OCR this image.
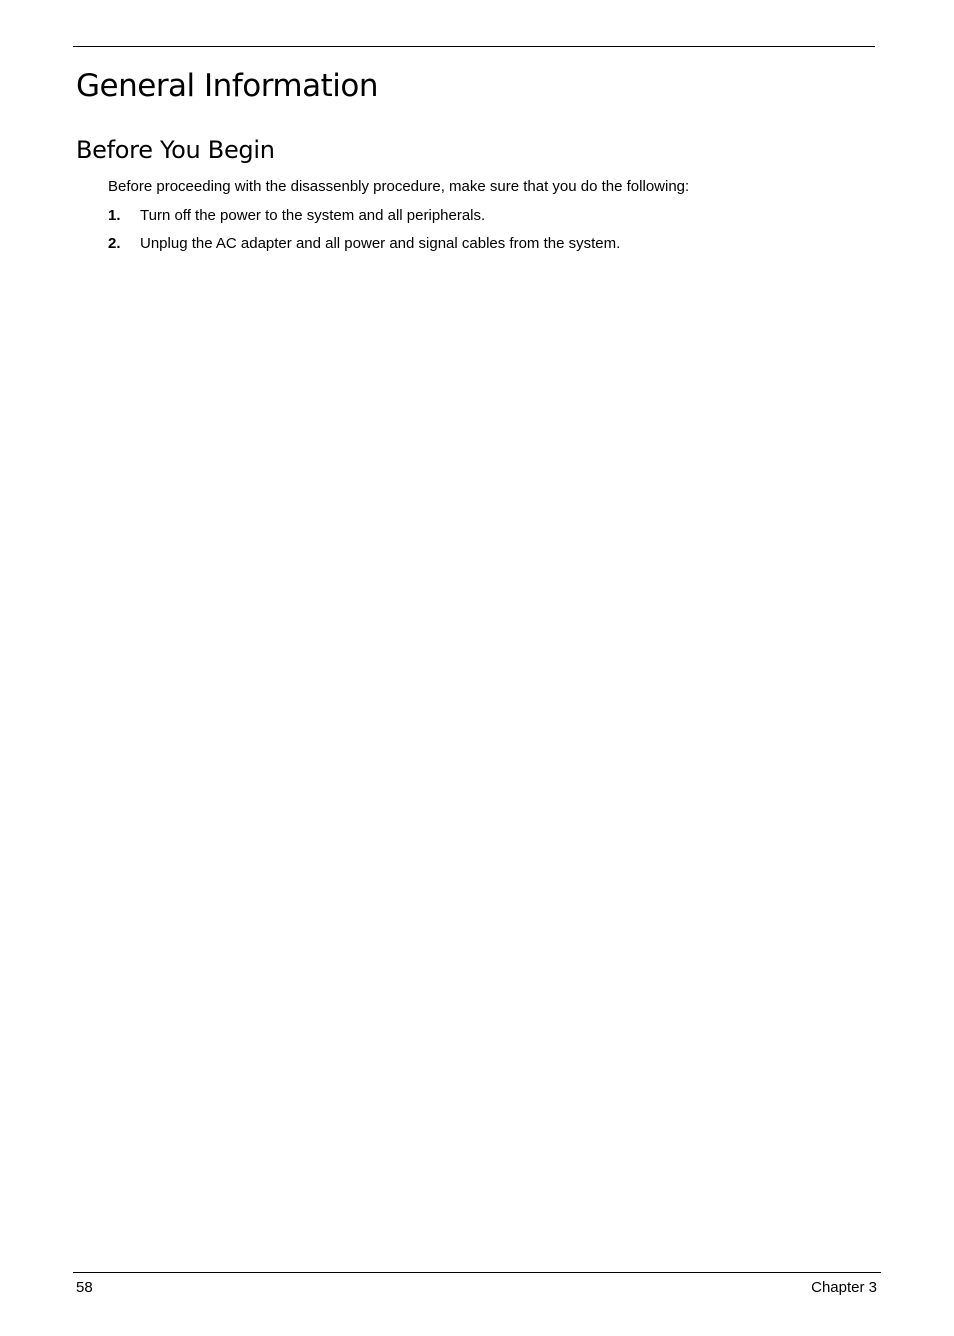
General Information
Before You Begin

Before proceeding with the disassenbly procedure, make sure that you do the following:

1. Turn off the power to the system and all peripherals.
2. Unplug the AC adapter and all power and signal cables from the system.
58	Chapter 3
